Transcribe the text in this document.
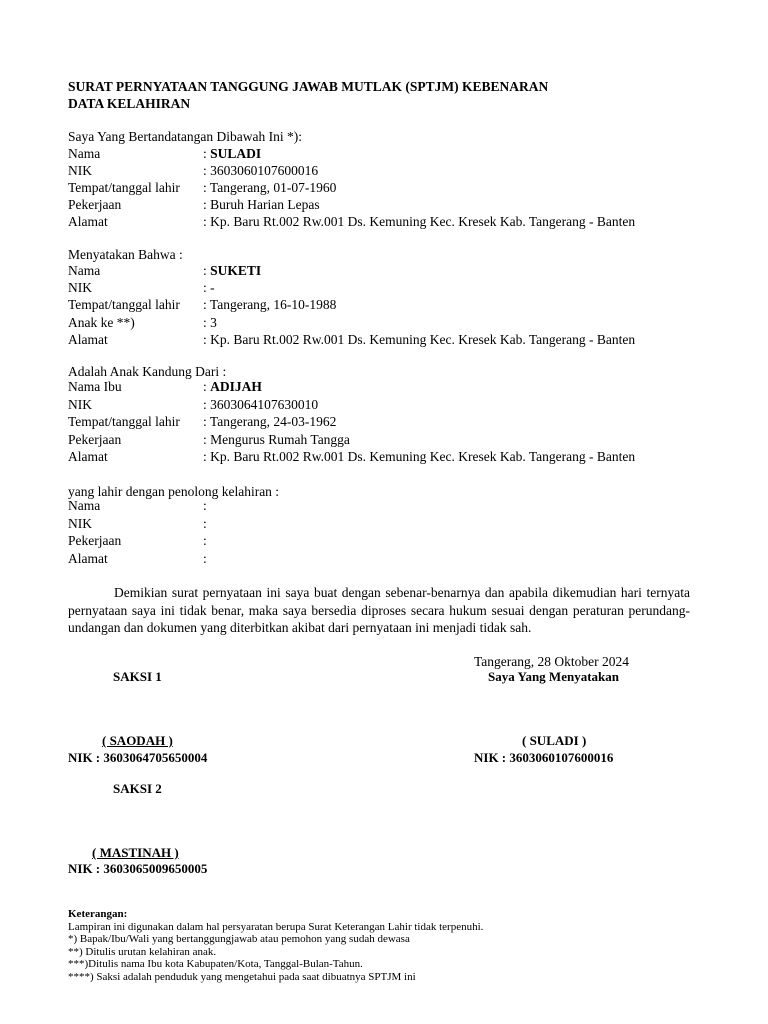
SURAT PERNYATAAN TANGGUNG JAWAB MUTLAK (SPTJM) KEBENARAN
DATA KELAHIRAN
Saya Yang Bertandatangan Dibawah Ini *):
Nama	: SULADI
NIK	: 3603060107600016
Tempat/tanggal lahir : Tangerang, 01-07-1960
Pekerjaan	: Buruh Harian Lepas
Alamat	: Kp. Baru Rt.002 Rw.001 Ds. Kemuning Kec. Kresek Kab. Tangerang - Banten
Menyatakan Bahwa :
Nama	: SUKETI
NIK	: -
Tempat/tanggal lahir : Tangerang, 16-10-1988
Anak ke **)	: 3
Alamat	: Kp. Baru Rt.002 Rw.001 Ds. Kemuning Kec. Kresek Kab. Tangerang - Banten
Adalah Anak Kandung Dari :
Nama Ibu	: ADIJAH
NIK	: 3603064107630010
Tempat/tanggal lahir : Tangerang, 24-03-1962
Pekerjaan	: Mengurus Rumah Tangga
Alamat	: Kp. Baru Rt.002 Rw.001 Ds. Kemuning Kec. Kresek Kab. Tangerang - Banten
yang lahir dengan penolong kelahiran :
Nama	:
NIK	:
Pekerjaan	:
Alamat	:
Demikian surat pernyataan ini saya buat dengan sebenar-benarnya dan apabila dikemudian hari ternyata pernyataan saya ini tidak benar, maka saya bersedia diproses secara hukum sesuai dengan peraturan perundang-undangan dan dokumen yang diterbitkan akibat dari pernyataan ini menjadi tidak sah.
Tangerang, 28 Oktober 2024
SAKSI 1	Saya Yang Menyatakan
( SAODAH )	( SULADI )
NIK : 3603064705650004	NIK : 3603060107600016
SAKSI 2
( MASTINAH )
NIK : 3603065009650005
Keterangan:
Lampiran ini digunakan dalam hal persyaratan berupa Surat Keterangan Lahir tidak terpenuhi.
*) Bapak/Ibu/Wali yang bertanggungjawab atau pemohon yang sudah dewasa
**) Ditulis urutan kelahiran anak.
***)Ditulis nama Ibu kota Kabupaten/Kota, Tanggal-Bulan-Tahun.
****) Saksi adalah penduduk yang mengetahui pada saat dibuatnya SPTJM ini
